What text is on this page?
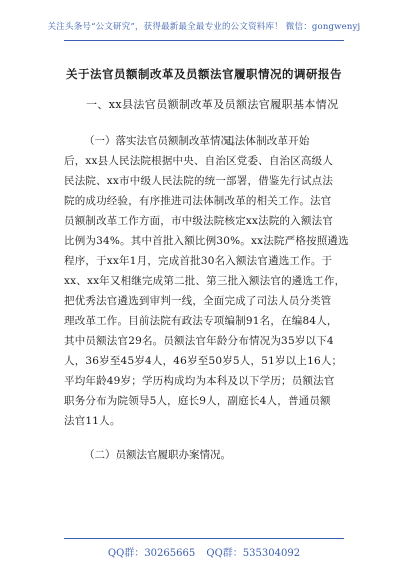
关注头条号“公文研究”，获得最新最全最专业的公文资料库！ 微信：gongwenyj
关于法官员额制改革及员额法官履职情况的调研报告
一、xx县法官员额制改革及员额法官履职基本情况
（一）落实法官员额制改革情况。
司法体制改革开始
后，xx县人民法院根据中央、自治区党委、自治区高级人
民法院、xx市中级人民法院的统一部署，借鉴先行试点法
院的成功经验，有序推进司法体制改革的相关工作。法官
员额制改革工作方面，市中级法院核定xx法院的入额法官
比例为34%。其中首批入额比例30%。xx法院严格按照遴选
程序，于xx年1月，完成首批30名入额法官遴选工作。于
xx、xx年又相继完成第二批、第三批入额法官的遴选工作，
把优秀法官遴选到审判一线，全面完成了司法人员分类管
理改革工作。目前法院有政法专项编制91名，在编84人，
其中员额法官29名。员额法官年龄分布情况为35岁以下4
人，36岁至45岁4人，46岁至50岁5人，51岁以上16人；
平均年龄49岁；学历构成均为本科及以下学历；员额法官
职务分布为院领导5人，庭长9人，副庭长4人，普通员额
法官11人。
（二）员额法官履职办案情况。
QQ群：30265665 QQ群：535304092
